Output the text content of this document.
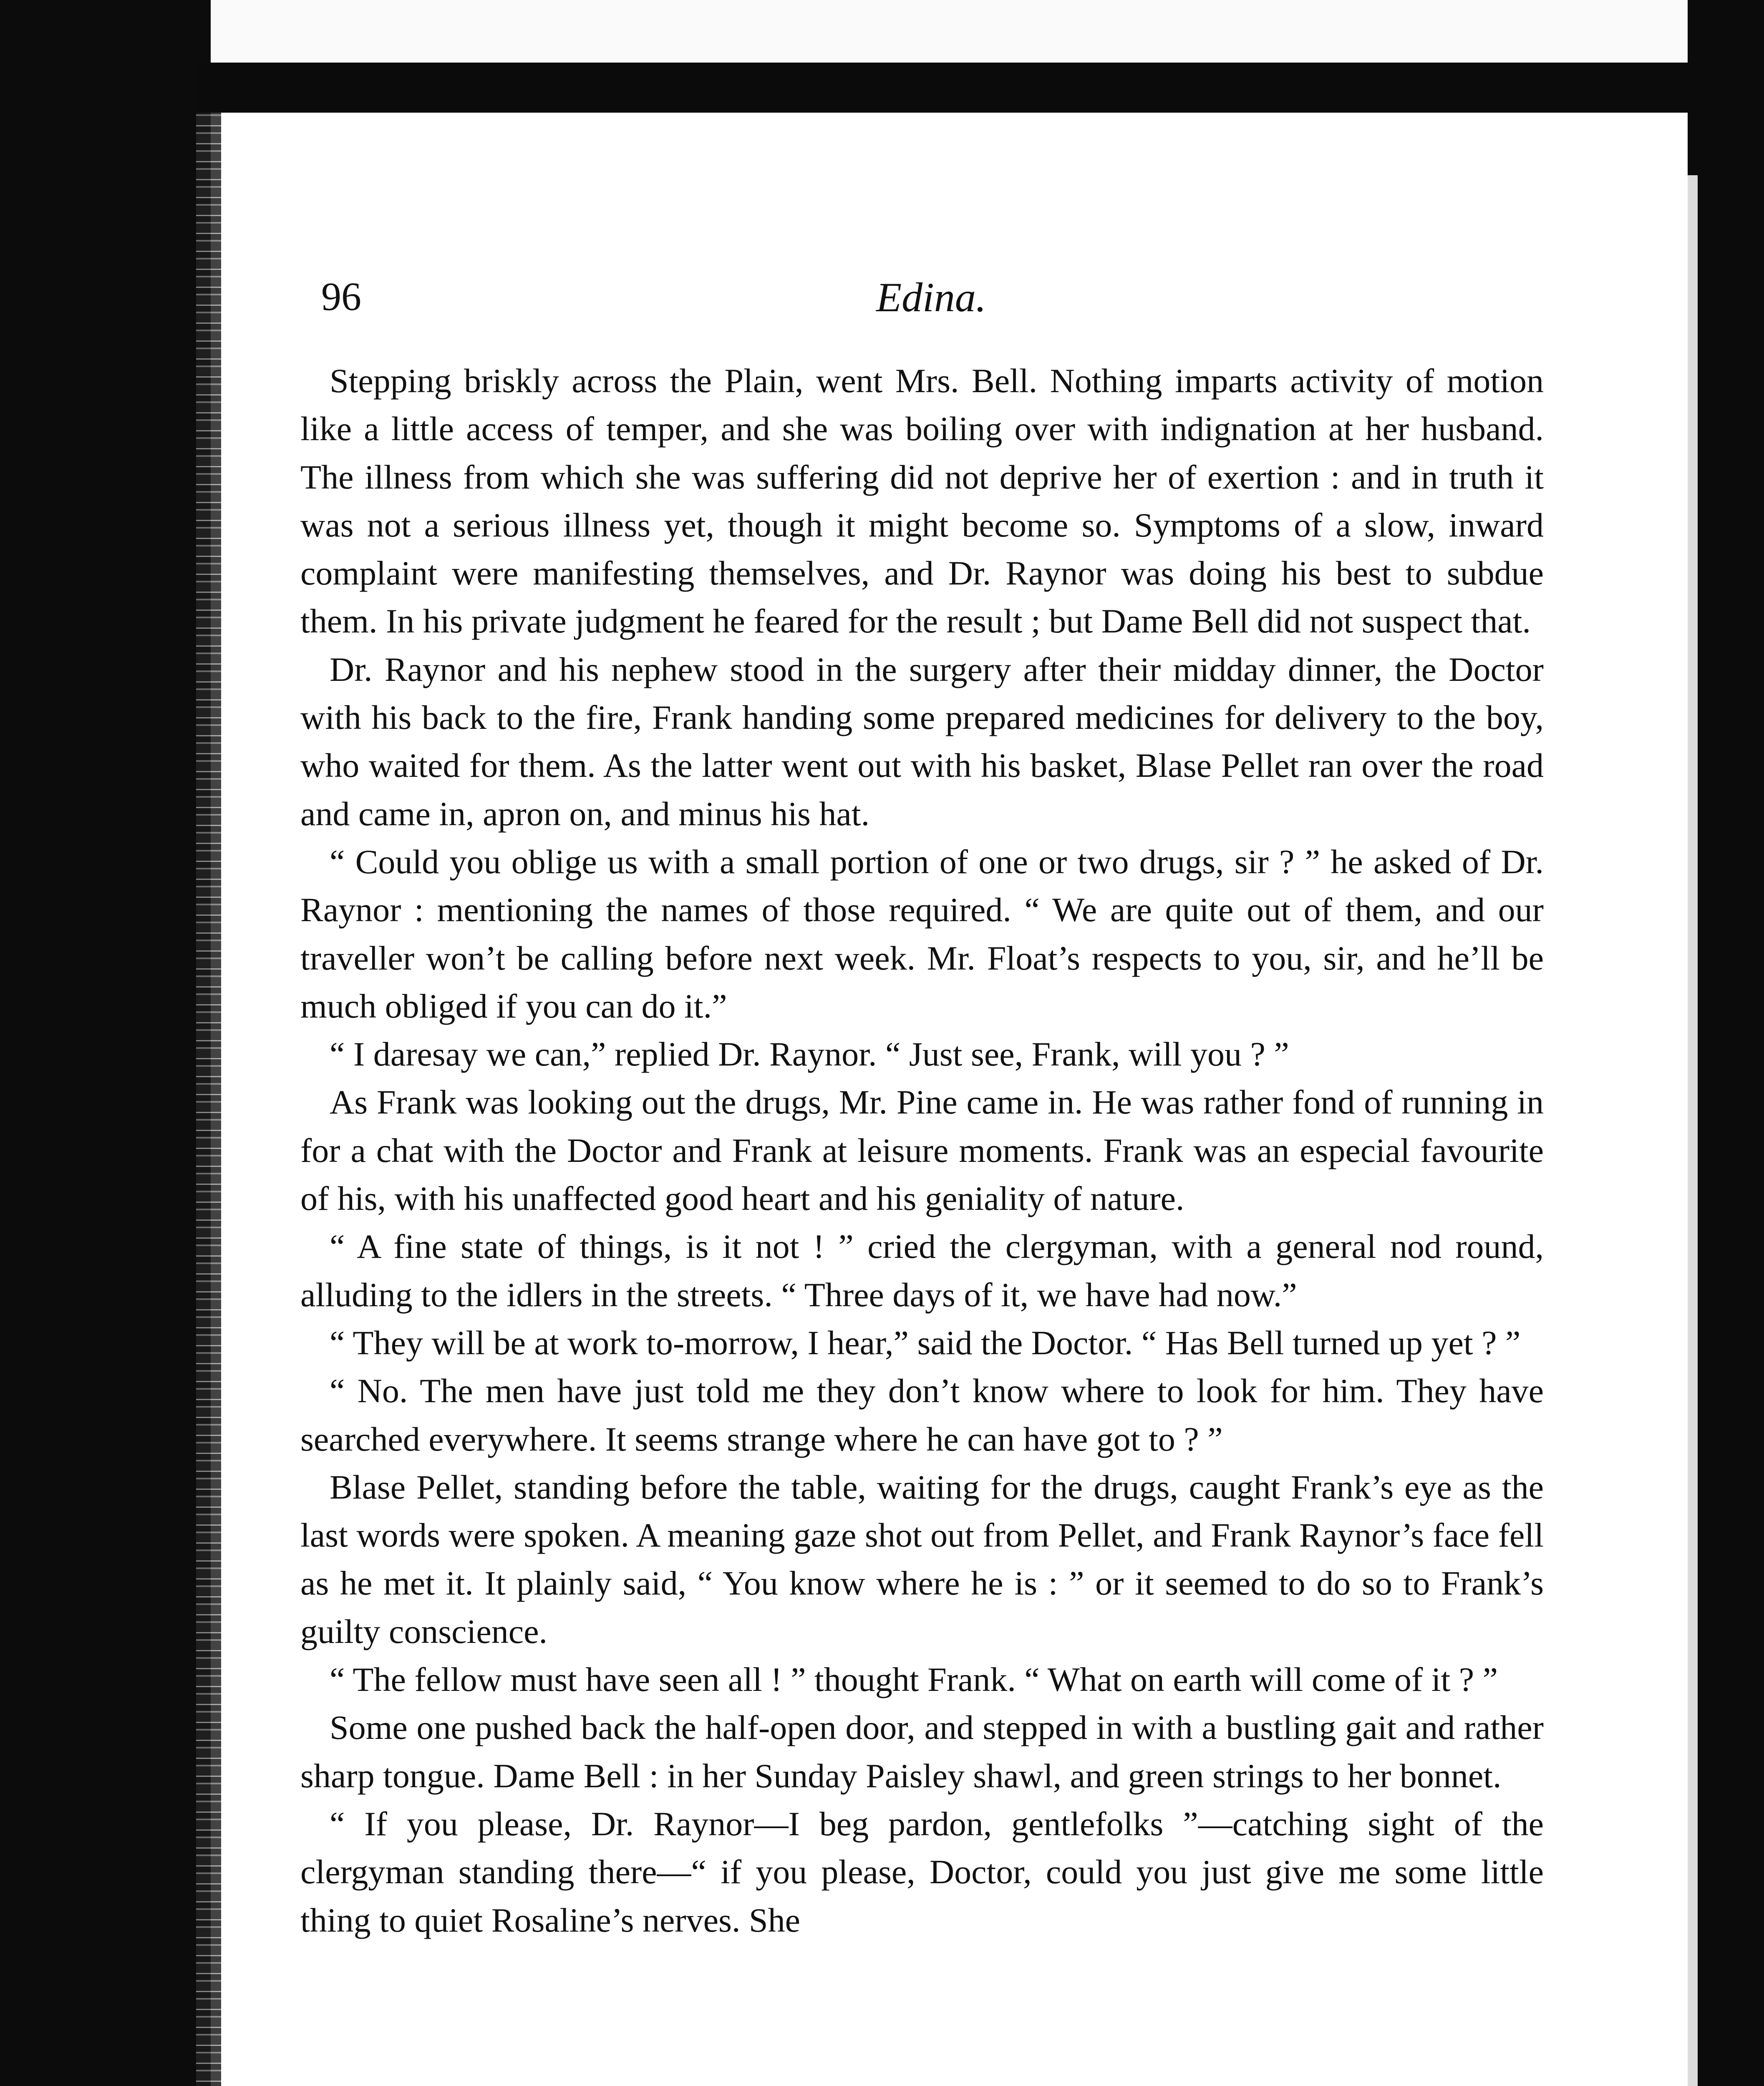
96	Edina.

Stepping briskly across the Plain, went Mrs. Bell. Nothing imparts activity of motion like a little access of temper, and she was boiling over with indignation at her husband. The illness from which she was suffering did not deprive her of exertion : and in truth it was not a serious illness yet, though it might become so. Symptoms of a slow, inward complaint were manifesting themselves, and Dr. Raynor was doing his best to subdue them. In his private judgment he feared for the result ; but Dame Bell did not suspect that.

Dr. Raynor and his nephew stood in the surgery after their midday dinner, the Doctor with his back to the fire, Frank handing some prepared medicines for delivery to the boy, who waited for them. As the latter went out with his basket, Blase Pellet ran over the road and came in, apron on, and minus his hat.

“ Could you oblige us with a small portion of one or two drugs, sir ? ” he asked of Dr. Raynor : mentioning the names of those required. “ We are quite out of them, and our traveller won’t be calling before next week. Mr. Float’s respects to you, sir, and he’ll be much obliged if you can do it.”

“ I daresay we can,” replied Dr. Raynor. “ Just see, Frank, will you ? ”

As Frank was looking out the drugs, Mr. Pine came in. He was rather fond of running in for a chat with the Doctor and Frank at leisure moments. Frank was an especial favourite of his, with his unaffected good heart and his geniality of nature.

“ A fine state of things, is it not ! ” cried the clergyman, with a general nod round, alluding to the idlers in the streets. “ Three days of it, we have had now.”

“ They will be at work to-morrow, I hear,” said the Doctor. “ Has Bell turned up yet ? ”

“ No. The men have just told me they don’t know where to look for him. They have searched everywhere. It seems strange where he can have got to ? ”

Blase Pellet, standing before the table, waiting for the drugs, caught Frank’s eye as the last words were spoken. A meaning gaze shot out from Pellet, and Frank Raynor’s face fell as he met it. It plainly said, “ You know where he is : ” or it seemed to do so to Frank’s guilty conscience.

“ The fellow must have seen all ! ” thought Frank. “ What on earth will come of it ? ”

Some one pushed back the half-open door, and stepped in with a bustling gait and rather sharp tongue. Dame Bell : in her Sunday Paisley shawl, and green strings to her bonnet.

“ If you please, Dr. Raynor—I beg pardon, gentlefolks ”—catching sight of the clergyman standing there—“ if you please, Doctor, could you just give me some little thing to quiet Rosaline’s nerves. She
